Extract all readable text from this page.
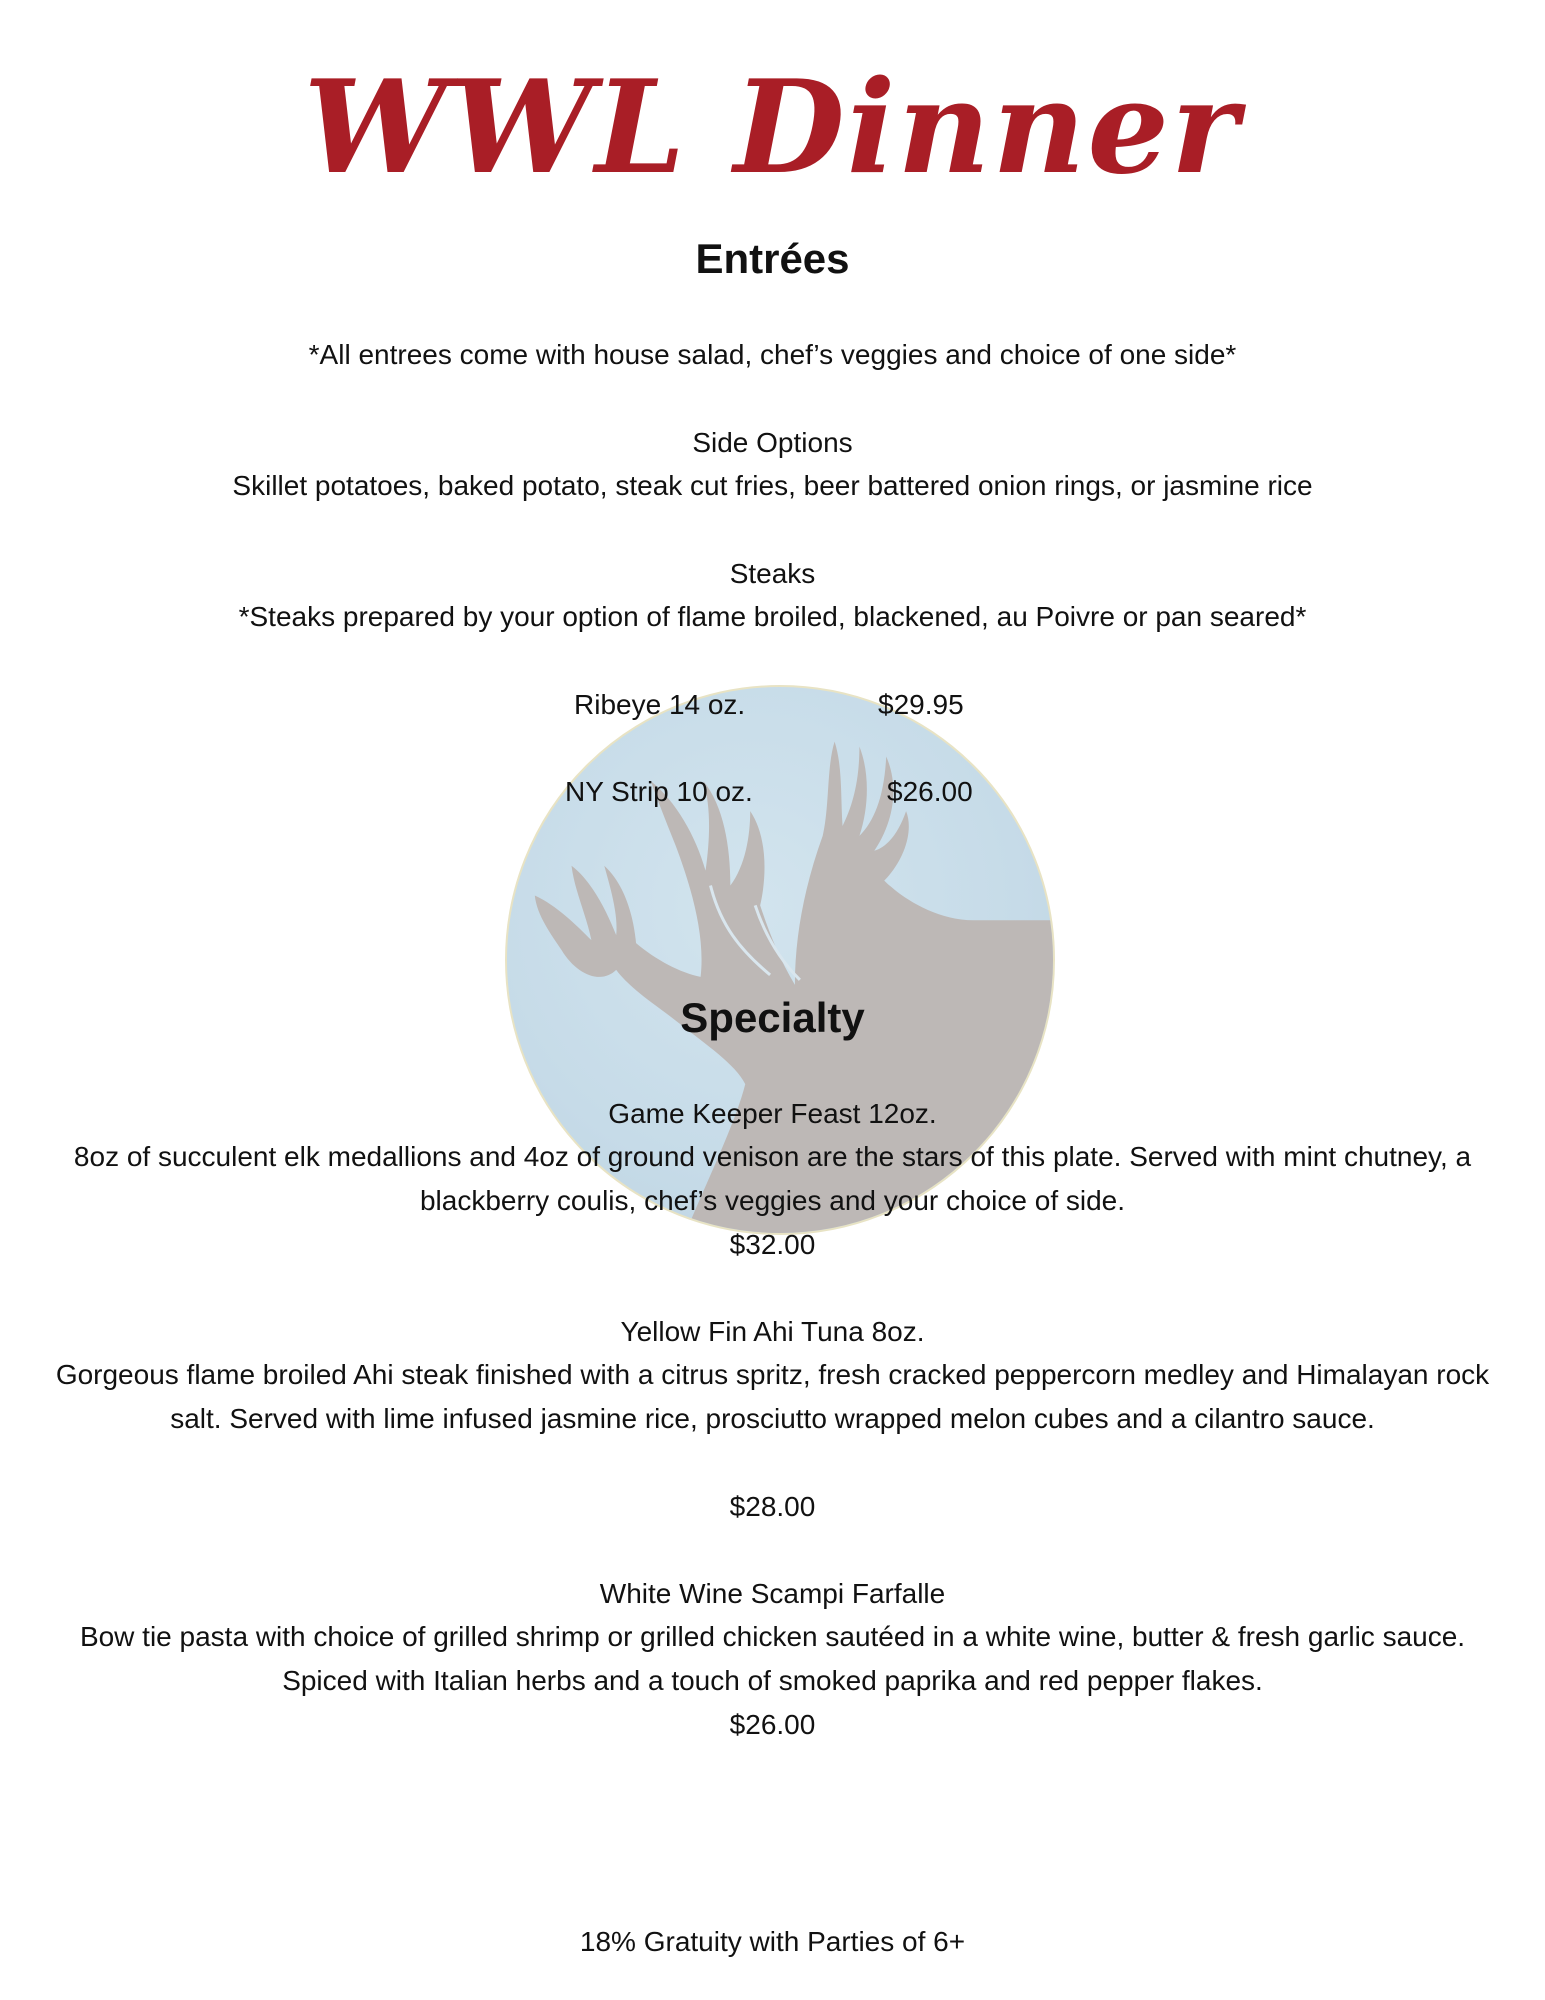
WWL Dinner
Entrées
*All entrees come with house salad, chef’s veggies and choice of one side*
Side Options
Skillet potatoes, baked potato, steak cut fries, beer battered onion rings, or jasmine rice
Steaks
*Steaks prepared by your option of flame broiled, blackened, au Poivre or pan seared*
Ribeye 14 oz.	$29.95
NY Strip 10 oz.	$26.00
Specialty
Game Keeper Feast 12oz.
8oz of succulent elk medallions and 4oz of ground venison are the stars of this plate. Served with mint chutney, a blackberry coulis, chef’s veggies and your choice of side.
$32.00
Yellow Fin Ahi Tuna 8oz.
Gorgeous flame broiled Ahi steak finished with a citrus spritz, fresh cracked peppercorn medley and Himalayan rock salt. Served with lime infused jasmine rice, prosciutto wrapped melon cubes and a cilantro sauce.
$28.00
White Wine Scampi Farfalle
Bow tie pasta with choice of grilled shrimp or grilled chicken sautéed in a white wine, butter & fresh garlic sauce. Spiced with Italian herbs and a touch of smoked paprika and red pepper flakes.
$26.00
18% Gratuity with Parties of 6+
